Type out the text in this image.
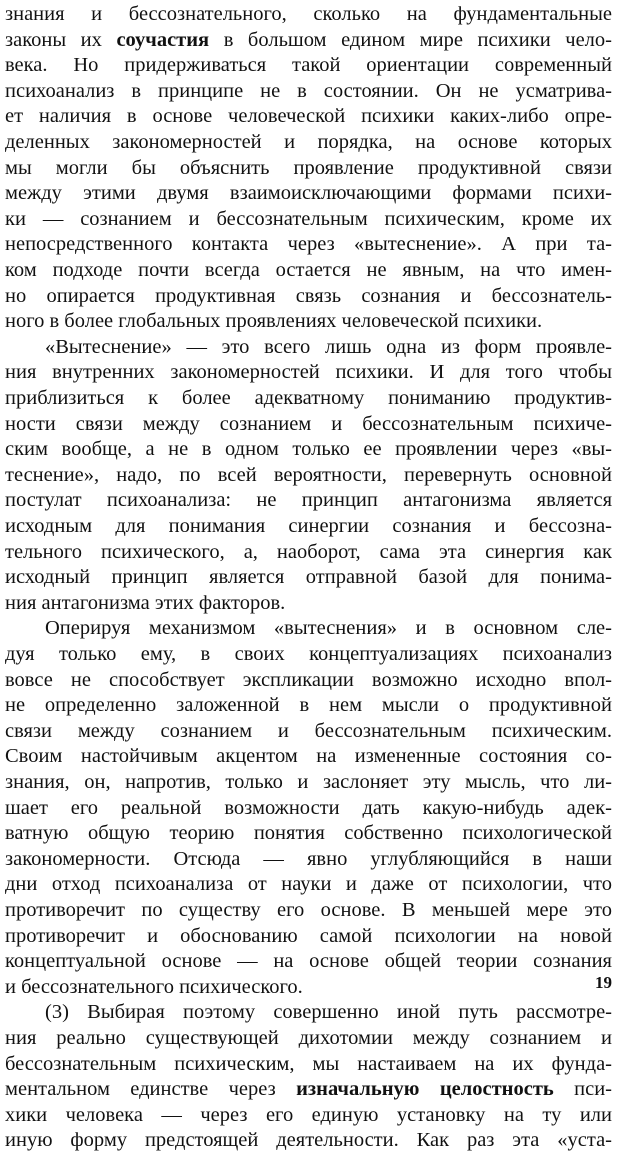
знания и бессознательного, сколько на фундаментальные
законы их соучастия в большом едином мире психики чело-
века. Но придерживаться такой ориентации современный
психоанализ в принципе не в состоянии. Он не усматрива-
ет наличия в основе человеческой психики каких-либо опре-
деленных закономерностей и порядка, на основе которых
мы могли бы объяснить проявление продуктивной связи
между этими двумя взаимоисключающими формами психи-
ки — сознанием и бессознательным психическим, кроме их
непосредственного контакта через «вытеснение». А при та-
ком подходе почти всегда остается не явным, на что имен-
но опирается продуктивная связь сознания и бессознатель-
ного в более глобальных проявлениях человеческой психики.
«Вытеснение» — это всего лишь одна из форм проявле-
ния внутренних закономерностей психики. И для того чтобы
приблизиться к более адекватному пониманию продуктив-
ности связи между сознанием и бессознательным психиче-
ским вообще, а не в одном только ее проявлении через «вы-
теснение», надо, по всей вероятности, перевернуть основной
постулат психоанализа: не принцип антагонизма является
исходным для понимания синергии сознания и бессозна-
тельного психического, а, наоборот, сама эта синергия как
исходный принцип является отправной базой для понима-
ния антагонизма этих факторов.
Оперируя механизмом «вытеснения» и в основном сле-
дуя только ему, в своих концептуализациях психоанализ
вовсе не способствует экспликации возможно исходно впол-
не определенно заложенной в нем мысли о продуктивной
связи между сознанием и бессознательным психическим.
Своим настойчивым акцентом на измененные состояния со-
знания, он, напротив, только и заслоняет эту мысль, что ли-
шает его реальной возможности дать какую-нибудь адек-
ватную общую теорию понятия собственно психологической
закономерности. Отсюда — явно углубляющийся в наши
дни отход психоанализа от науки и даже от психологии, что
противоречит по существу его основе. В меньшей мере это
противоречит и обоснованию самой психологии на новой
концептуальной основе — на основе общей теории сознания
и бессознательного психического.
(3) Выбирая поэтому совершенно иной путь рассмотре-
ния реально существующей дихотомии между сознанием и
бессознательным психическим, мы настаиваем на их фунда-
ментальном единстве через изначальную целостность пси-
хики человека — через его единую установку на ту или
иную форму предстоящей деятельности. Как раз эта «уста-
19
